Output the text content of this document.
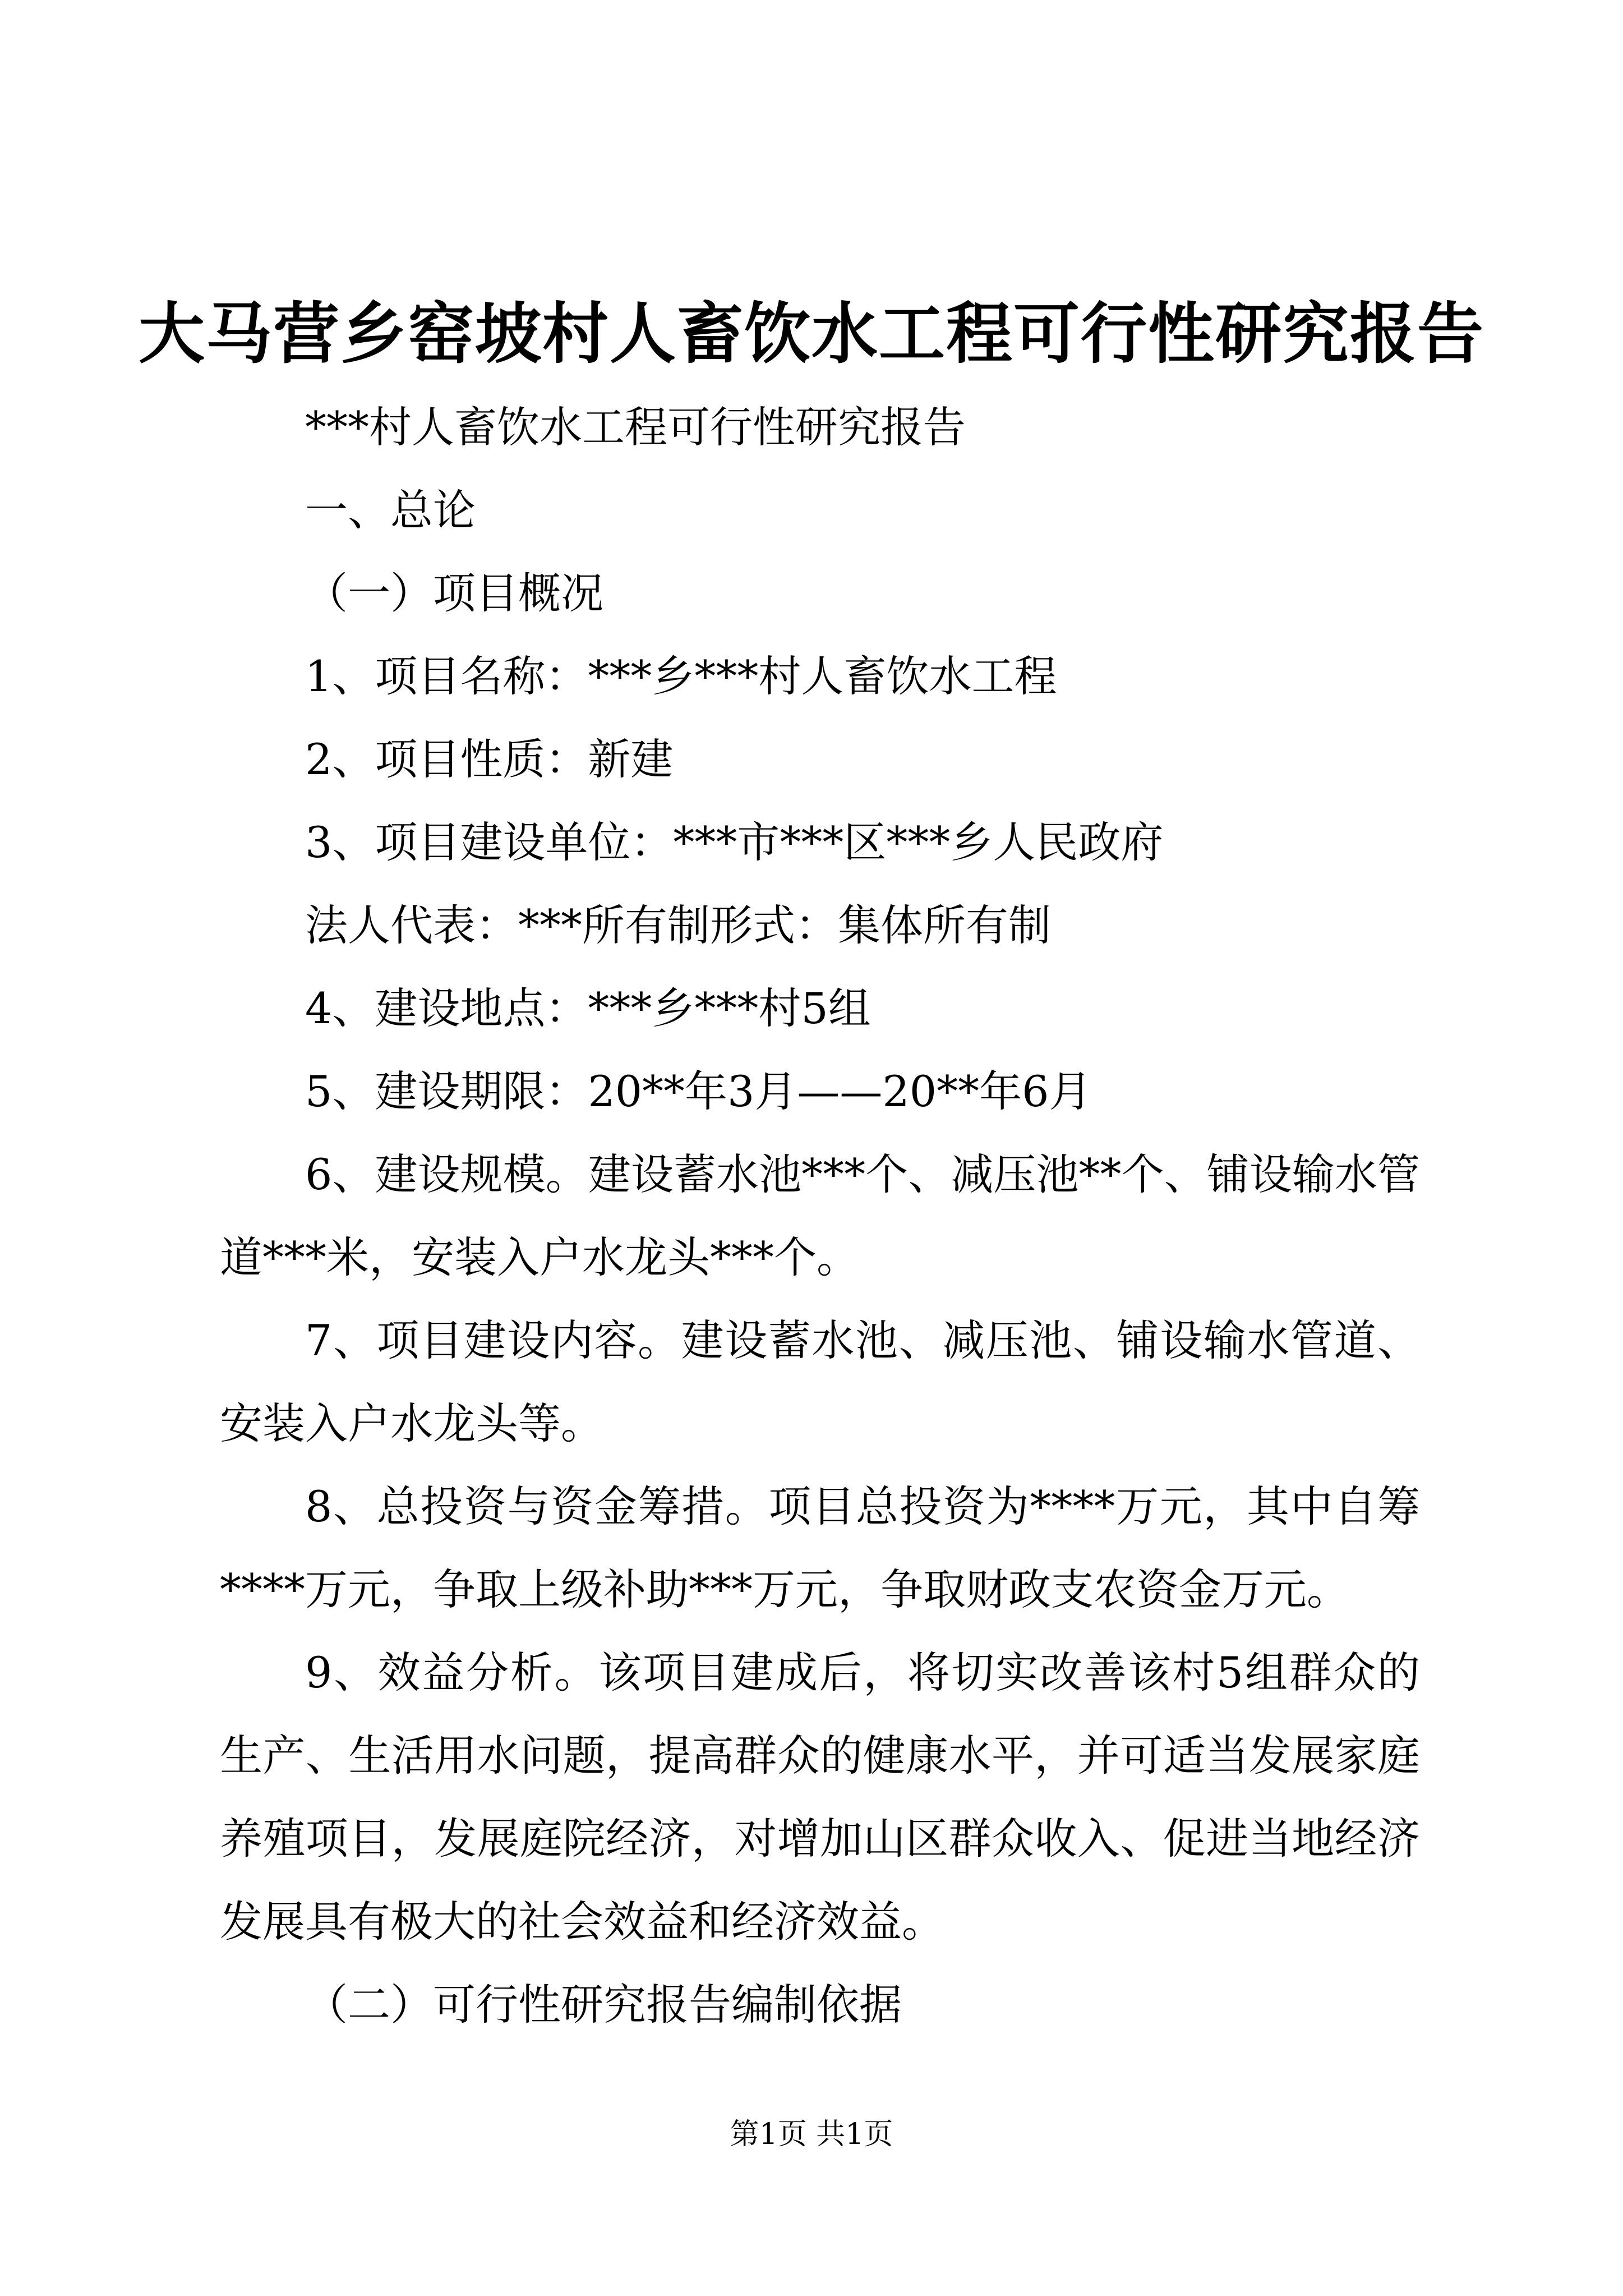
大马营乡窑坡村人畜饮水工程可行性研究报告

***村人畜饮水工程可行性研究报告

一、总论

（一）项目概况

1、项目名称：***乡***村人畜饮水工程

2、项目性质：新建

3、项目建设单位：***市***区***乡人民政府

法人代表：***所有制形式：集体所有制

4、建设地点：***乡***村5组

5、建设期限：20**年3月——20**年6月

6、建设规模。建设蓄水池***个、减压池**个、铺设输水管道***米，安装入户水龙头***个。

7、项目建设内容。建设蓄水池、减压池、铺设输水管道、安装入户水龙头等。

8、总投资与资金筹措。项目总投资为****万元，其中自筹****万元，争取上级补助***万元，争取财政支农资金万元。

9、效益分析。该项目建成后，将切实改善该村5组群众的生产、生活用水问题，提高群众的健康水平，并可适当发展家庭养殖项目，发展庭院经济，对增加山区群众收入、促进当地经济发展具有极大的社会效益和经济效益。

（二）可行性研究报告编制依据

第1页 共1页
